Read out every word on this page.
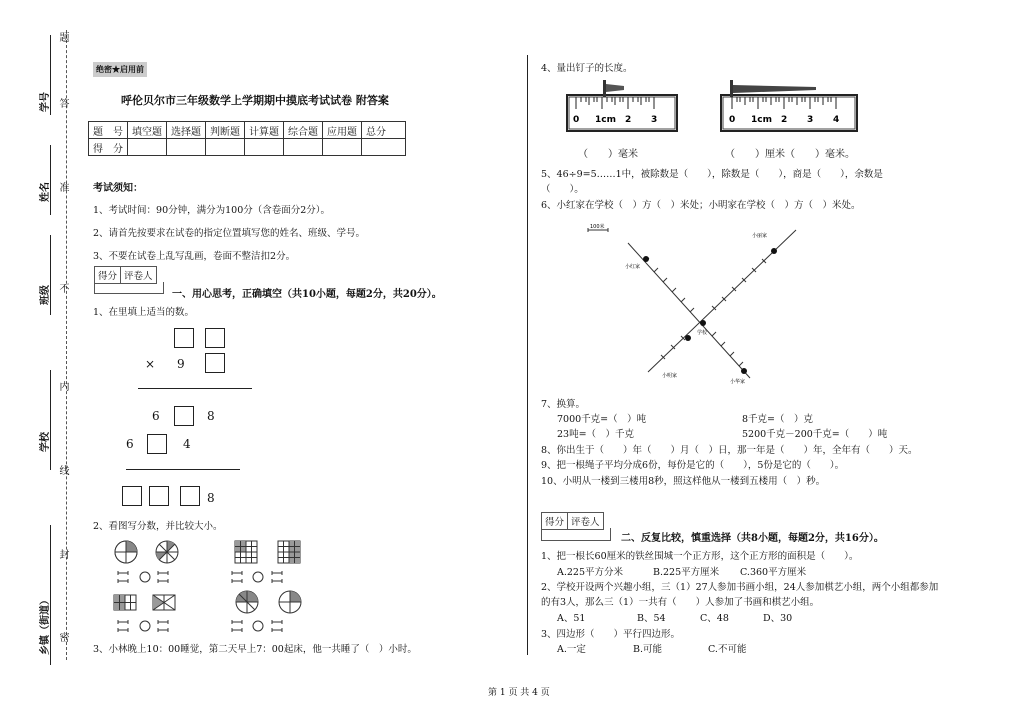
学号
姓名
班级
学校
乡镇（街道）
题
答
准
不
内
线
封
密
绝密★启用前
呼伦贝尔市三年级数学上学期期中摸底考试试卷 附答案
题　号	填空题	选择题	判断题	计算题	综合题	应用题	总分
得　分							
考试须知：
1、考试时间：90分钟，满分为100分（含卷面分2分）。
2、请首先按要求在试卷的指定位置填写您的姓名、班级、学号。
3、不要在试卷上乱写乱画，卷面不整洁扣2分。
得分 评卷人
一、用心思考，正确填空（共10小题，每题2分，共20分）。
1、在里填上适当的数。
× 9
6	8
6	4
8
2、看图写分数，并比较大小。
3、小林晚上10：00睡觉，第二天早上7：00起床，他一共睡了（　）小时。
4、量出钉子的长度。
0 1cm 2 3	0 1cm 2 3 4
（　　）毫米	（　　）厘米（　　）毫米。
5、46÷9=5……1中，被除数是（　　），除数是（　　），商是（　　），余数是
（　　）。
6、小红家在学校（　）方（　）米处；小明家在学校（　）方（　）米处。
100米
小红家
小丽家
学校
小明家
小华家
7、换算。
7000千克=（　）吨	8千克=（　）克
23吨=（　）千克	5200千克－200千克=（　　）吨
8、你出生于（　　）年（　　）月（　）日，那一年是（　　）年，全年有（　　）天。
9、把一根绳子平均分成6份，每份是它的（　　），5份是它的（　　）。
10、小明从一楼到三楼用8秒，照这样他从一楼到五楼用（　）秒。
得分 评卷人
二、反复比较，慎重选择（共8小题，每题2分，共16分）。
1、把一根长60厘米的铁丝围城一个正方形，这个正方形的面积是（　　）。
A.225平方分米	B.225平方厘米 C.360平方厘米
2、学校开设两个兴趣小组，三（1）27人参加书画小组，24人参加棋艺小组，两个小组都参加
的有3人，那么三（1）一共有（　　）人参加了书画和棋艺小组。
A、51	B、54	C、48	D、30
3、四边形（　　）平行四边形。
A.一定	B.可能	C.不可能
第 1 页 共 4 页
